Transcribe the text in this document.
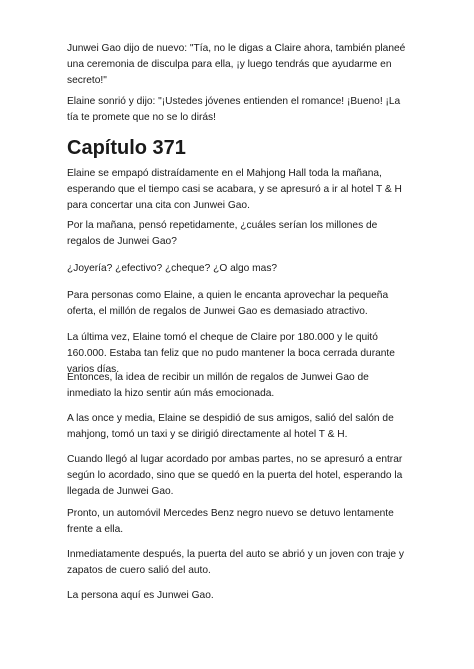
Junwei Gao dijo de nuevo: "Tía, no le digas a Claire ahora, también planeé una ceremonia de disculpa para ella, ¡y luego tendrás que ayudarme en secreto!"

Elaine sonrió y dijo: "¡Ustedes jóvenes entienden el romance! ¡Bueno! ¡La tía te promete que no se lo dirás!

Capítulo 371

Elaine se empapó distraídamente en el Mahjong Hall toda la mañana, esperando que el tiempo casi se acabara, y se apresuró a ir al hotel T & H para concertar una cita con Junwei Gao.

Por la mañana, pensó repetidamente, ¿cuáles serían los millones de regalos de Junwei Gao?

¿Joyería? ¿efectivo? ¿cheque? ¿O algo mas?

Para personas como Elaine, a quien le encanta aprovechar la pequeña oferta, el millón de regalos de Junwei Gao es demasiado atractivo.

La última vez, Elaine tomó el cheque de Claire por 180.000 y le quitó 160.000. Estaba tan feliz que no pudo mantener la boca cerrada durante varios días.

Entonces, la idea de recibir un millón de regalos de Junwei Gao de inmediato la hizo sentir aún más emocionada.

A las once y media, Elaine se despidió de sus amigos, salió del salón de mahjong, tomó un taxi y se dirigió directamente al hotel T & H.

Cuando llegó al lugar acordado por ambas partes, no se apresuró a entrar según lo acordado, sino que se quedó en la puerta del hotel, esperando la llegada de Junwei Gao.

Pronto, un automóvil Mercedes Benz negro nuevo se detuvo lentamente frente a ella.

Inmediatamente después, la puerta del auto se abrió y un joven con traje y zapatos de cuero salió del auto.

La persona aquí es Junwei Gao.
